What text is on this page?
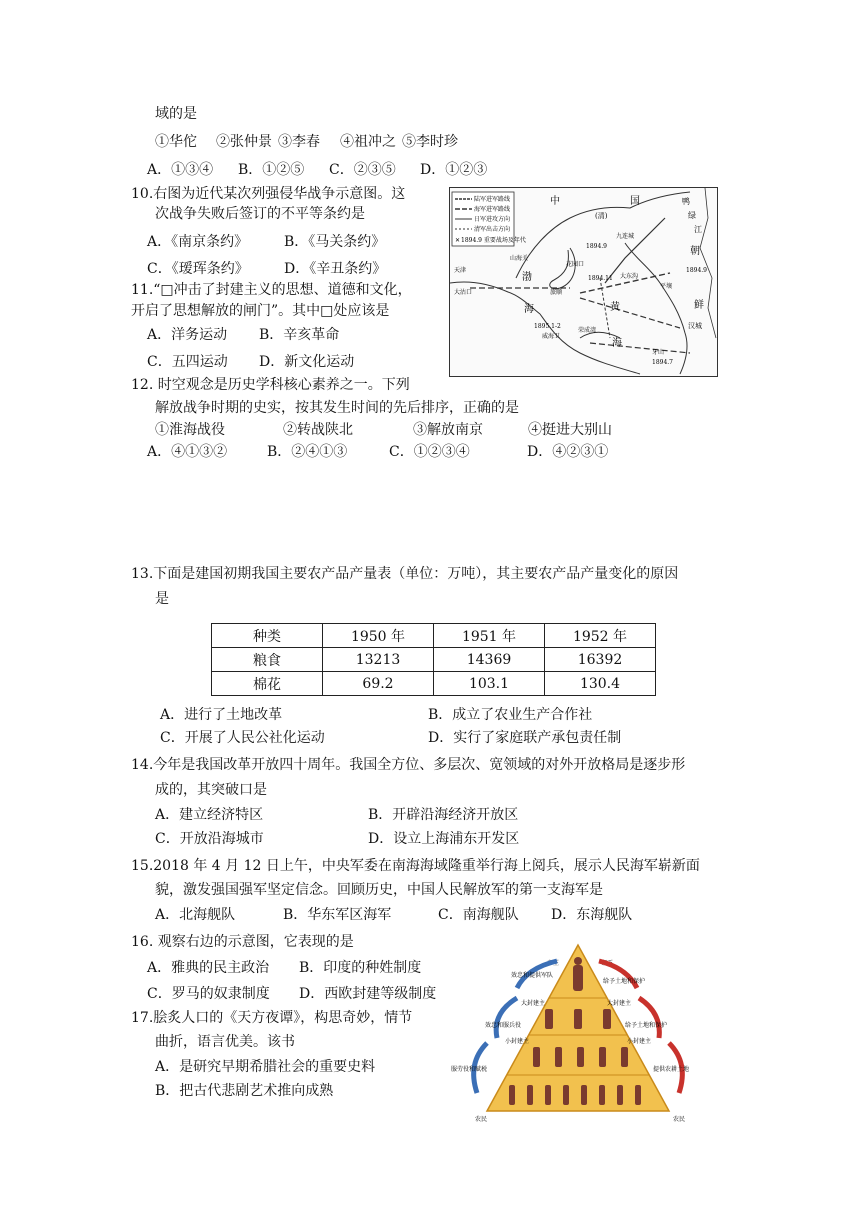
域的是
①华佗 ②张仲景 ③李春 ④祖冲之 ⑤李时珍
A．①③④ B．①②⑤ C．②③⑤ D．①②③
10.右图为近代某次列强侵华战争示意图。这
次战争失败后签订的不平等条约是
A．《南京条约》	B．《马关条约》
C．《瑷珲条约》	D．《辛丑条约》
✕
陆军进军路线
海军进军路线
日军进攻方向
清军出击方向
1894.9 重要战场及年代
中	国
(清)
鸭
绿
江
朝
鲜
九连城
渤
海	黄
海
山海关
天津
大沽口	旅顺
花园口
大东沟
威海卫
荣成湾
平壤
汉城
牙山
1894.9
1894.9
1894.7
1895.1-2
1894.11
11.“□冲击了封建主义的思想、道德和文化，
开启了思想解放的闸门”。其中□处应该是
A．洋务运动 B．辛亥革命
C．五四运动 D．新文化运动
12. 时空观念是历史学科核心素养之一。下列
解放战争时期的史实，按其发生时间的先后排序，正确的是
①淮海战役	②转战陕北	③解放南京	④挺进大别山
A．④①③②	B．②④①③	C．①②③④	D．④②③①
13.下面是建国初期我国主要农产品产量表（单位：万吨），其主要农产品产量变化的原因
是
种类	1950 年	1951 年	1952 年
粮食	13213	14369	16392
棉花	69.2	103.1	130.4
A．进行了土地改革	B．成立了农业生产合作社
C．开展了人民公社化运动	D．实行了家庭联产承包责任制
14.今年是我国改革开放四十周年。我国全方位、多层次、宽领域的对外开放格局是逐步形
成的，其突破口是
A．建立经济特区	B．开辟沿海经济开放区
C．开放沿海城市	D．设立上海浦东开发区
15.2018 年 4 月 12 日上午，中央军委在南海海域隆重举行海上阅兵，展示人民海军崭新面
貌，激发强国强军坚定信念。回顾历史，中国人民解放军的第一支海军是
A．北海舰队	B．华东军区海军	C．南海舰队 D．东海舰队
16. 观察右边的示意图，它表现的是
A．雅典的民主政治 B．印度的种姓制度
C．罗马的奴隶制度 D．西欧封建等级制度
17.脍炙人口的《天方夜谭》，构思奇妙，情节
曲折，语言优美。该书
A．是研究早期希腊社会的重要史料
B．把古代悲剧艺术推向成熟
帝王	帝王
大封建主	大封建主
小封建主	小封建主
农民	农民
效忠和提供军队
效忠和服兵役
服劳役和赋税
给予土地和保护
给予土地和保护
提供农耕土地
